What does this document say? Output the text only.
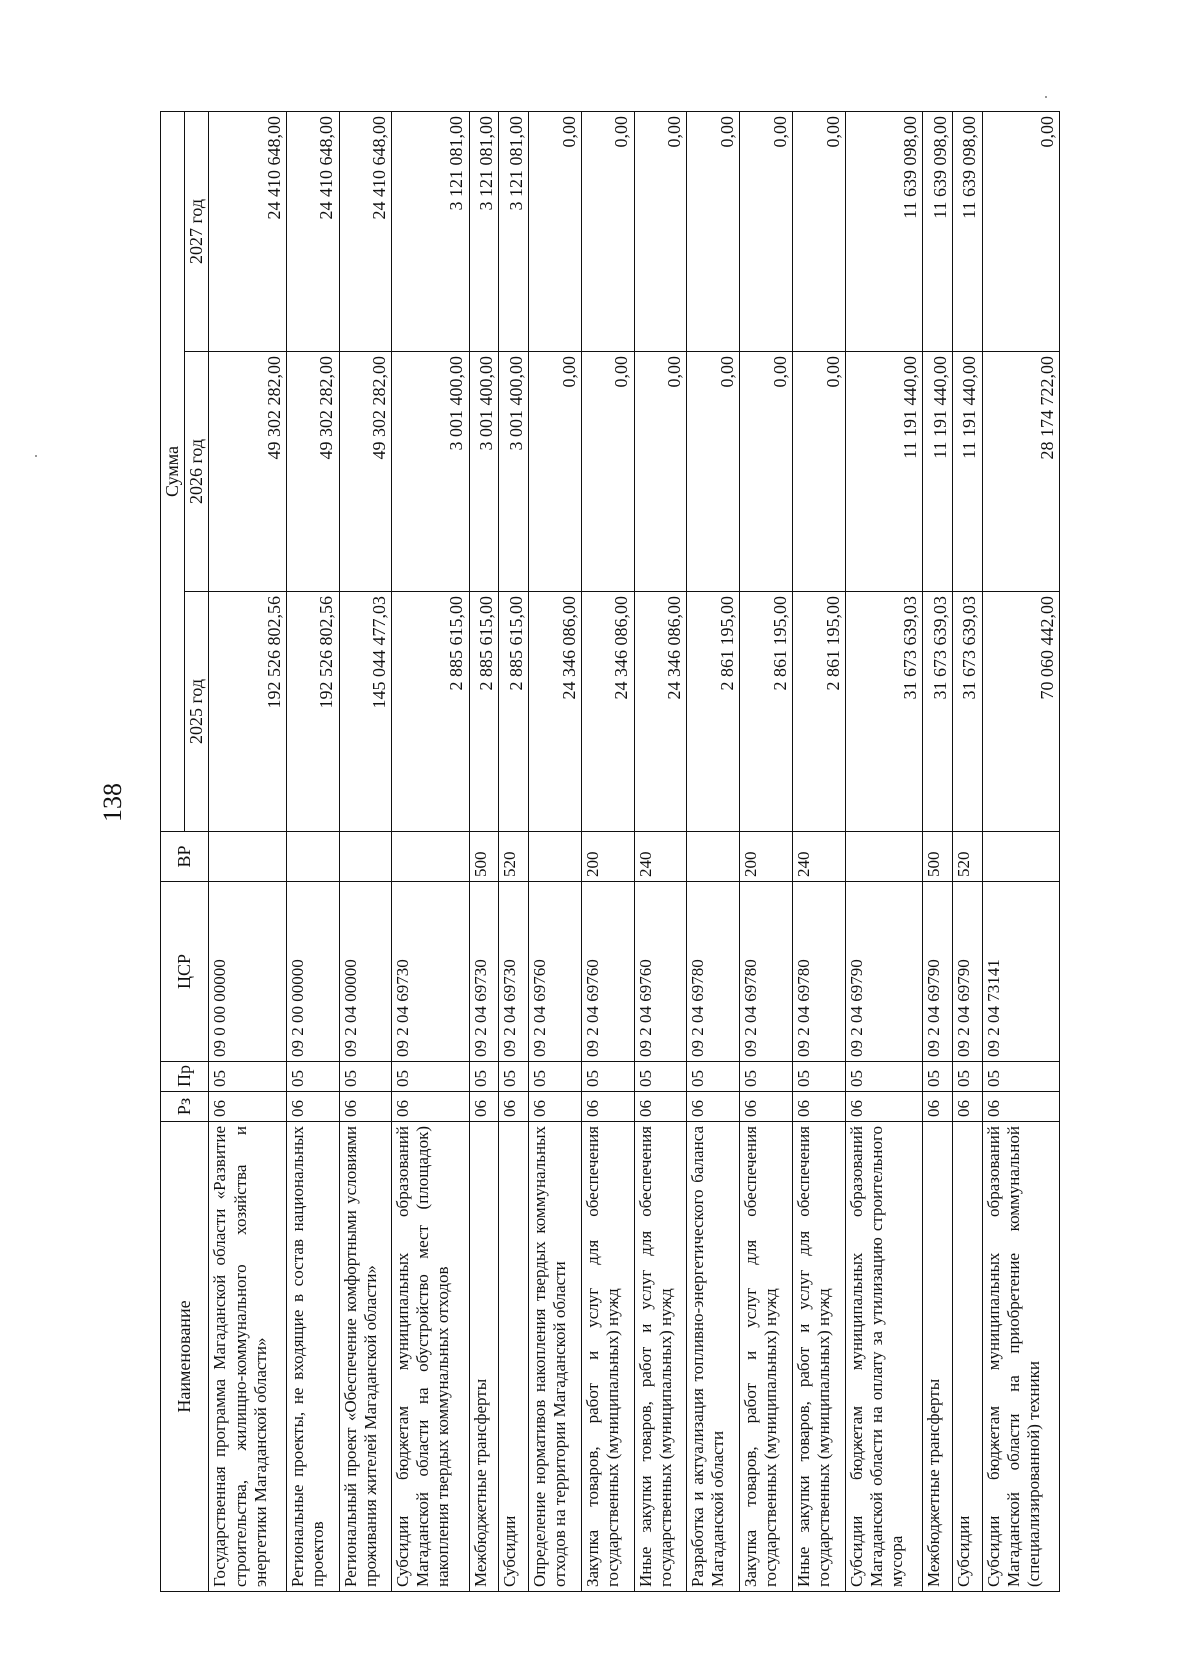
138
Наименование	Рз	Пр	ЦСР	ВР	Сумма		
					2025 год	2026 год	2027 год
Государственная программа Магаданской области «Развитие строительства, жилищно-коммунального хозяйства и энергетики Магаданской области»	06	05	09 0 00 00000		192 526 802,56	49 302 282,00	24 410 648,00
Региональные проекты, не входящие в состав национальных проектов	06	05	09 2 00 00000		192 526 802,56	49 302 282,00	24 410 648,00
Региональный проект «Обеспечение комфортными условиями проживания жителей Магаданской области»	06	05	09 2 04 00000		145 044 477,03	49 302 282,00	24 410 648,00
Субсидии бюджетам муниципальных образований Магаданской области на обустройство мест (площадок) накопления твердых коммунальных отходов	06	05	09 2 04 69730		2 885 615,00	3 001 400,00	3 121 081,00
Межбюджетные трансферты	06	05	09 2 04 69730	500	2 885 615,00	3 001 400,00	3 121 081,00
Субсидии	06	05	09 2 04 69730	520	2 885 615,00	3 001 400,00	3 121 081,00
Определение нормативов накопления твердых коммунальных отходов на территории Магаданской области	06	05	09 2 04 69760		24 346 086,00	0,00	0,00
Закупка товаров, работ и услуг для обеспечения государственных (муниципальных) нужд	06	05	09 2 04 69760	200	24 346 086,00	0,00	0,00
Иные закупки товаров, работ и услуг для обеспечения государственных (муниципальных) нужд	06	05	09 2 04 69760	240	24 346 086,00	0,00	0,00
Разработка и актуализация топливно-энергетического баланса Магаданской области	06	05	09 2 04 69780		2 861 195,00	0,00	0,00
Закупка товаров, работ и услуг для обеспечения государственных (муниципальных) нужд	06	05	09 2 04 69780	200	2 861 195,00	0,00	0,00
Иные закупки товаров, работ и услуг для обеспечения государственных (муниципальных) нужд	06	05	09 2 04 69780	240	2 861 195,00	0,00	0,00
Субсидии бюджетам муниципальных образований Магаданской области на оплату за утилизацию строительного мусора	06	05	09 2 04 69790		31 673 639,03	11 191 440,00	11 639 098,00
Межбюджетные трансферты	06	05	09 2 04 69790	500	31 673 639,03	11 191 440,00	11 639 098,00
Субсидии	06	05	09 2 04 69790	520	31 673 639,03	11 191 440,00	11 639 098,00
Субсидии бюджетам муниципальных образований Магаданской области на приобретение коммунальной (специализированной) техники	06	05	09 2 04 73141		70 060 442,00	28 174 722,00	0,00
